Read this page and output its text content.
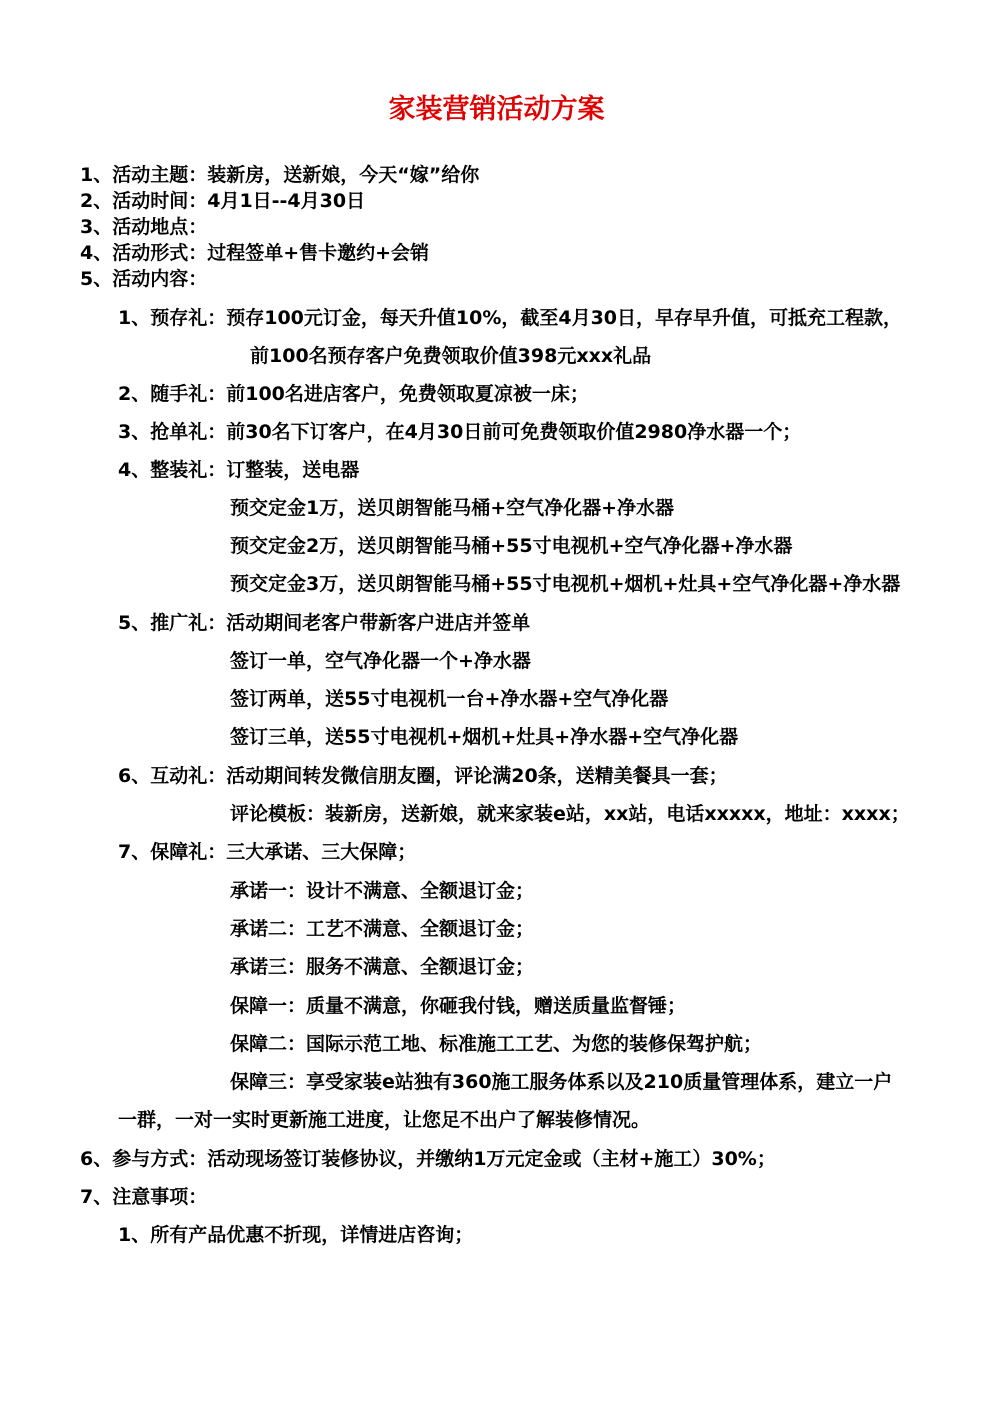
家装营销活动方案
1、活动主题：装新房，送新娘，今天“嫁”给你
2、活动时间：4月1日--4月30日
3、活动地点：
4、活动形式：过程签单+售卡邀约+会销
5、活动内容：
1、预存礼：预存100元订金，每天升值10%，截至4月30日，早存早升值，可抵充工程款，
前100名预存客户免费领取价值398元xxx礼品
2、随手礼：前100名进店客户，免费领取夏凉被一床；
3、抢单礼：前30名下订客户，在4月30日前可免费领取价值2980净水器一个；
4、整装礼：订整装，送电器
预交定金1万，送贝朗智能马桶+空气净化器+净水器
预交定金2万，送贝朗智能马桶+55寸电视机+空气净化器+净水器
预交定金3万，送贝朗智能马桶+55寸电视机+烟机+灶具+空气净化器+净水器
5、推广礼：活动期间老客户带新客户进店并签单
签订一单，空气净化器一个+净水器
签订两单，送55寸电视机一台+净水器+空气净化器
签订三单，送55寸电视机+烟机+灶具+净水器+空气净化器
6、互动礼：活动期间转发微信朋友圈，评论满20条，送精美餐具一套；
评论模板：装新房，送新娘，就来家装e站，xx站，电话xxxxx，地址：xxxx；
7、保障礼：三大承诺、三大保障；
承诺一：设计不满意、全额退订金；
承诺二：工艺不满意、全额退订金；
承诺三：服务不满意、全额退订金；
保障一：质量不满意，你砸我付钱，赠送质量监督锤；
保障二：国际示范工地、标准施工工艺、为您的装修保驾护航；
保障三：享受家装e站独有360施工服务体系以及210质量管理体系，建立一户
一群，一对一实时更新施工进度，让您足不出户了解装修情况。
6、参与方式：活动现场签订装修协议，并缴纳1万元定金或（主材+施工）30%；
7、注意事项：
1、所有产品优惠不折现，详情进店咨询；
